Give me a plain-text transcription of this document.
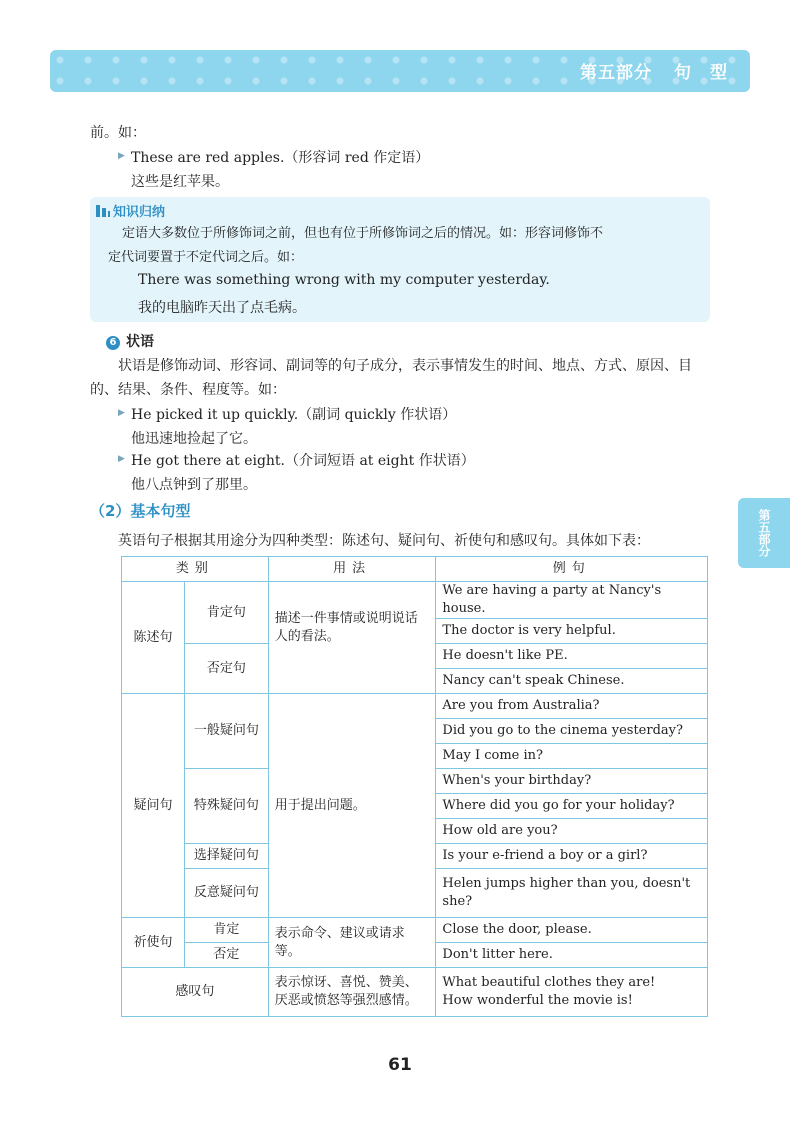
第五部分 句　型
第五部分
前。如：
▶ These are red apples.（形容词 red 作定语）
这些是红苹果。
知识归纳
定语大多数位于所修饰词之前，但也有位于所修饰词之后的情况。如：形容词修饰不
定代词要置于不定代词之后。如：
There was something wrong with my computer yesterday.
我的电脑昨天出了点毛病。
6 状语
状语是修饰动词、形容词、副词等的句子成分，表示事情发生的时间、地点、方式、原因、目
的、结果、条件、程度等。如：
▶ He picked it up quickly.（副词 quickly 作状语）
他迅速地捡起了它。
▶ He got there at eight.（介词短语 at eight 作状语）
他八点钟到了那里。
（2）基本句型
英语句子根据其用途分为四种类型：陈述句、疑问句、祈使句和感叹句。具体如下表：
类别		用法	例句
陈述句	肯定句	描述一件事情或说明说话人的看法。	We are having a party at Nancy's house.
			The doctor is very helpful.
	否定句		He doesn't like PE.
			Nancy can't speak Chinese.
疑问句	一般疑问句	用于提出问题。	Are you from Australia?
			Did you go to the cinema yesterday?
			May I come in?
	特殊疑问句		When's your birthday?
			Where did you go for your holiday?
			How old are you?
	选择疑问句		Is your e-friend a boy or a girl?
	反意疑问句		Helen jumps higher than you, doesn't she?

祈使句	肯定	表示命令、建议或请求等。	Close the door, please.
	否定		Don't litter here.
感叹句		表示惊讶、喜悦、赞美、厌恶或愤怒等强烈感情。	What beautiful clothes they are!
How wonderful the movie is!
61
